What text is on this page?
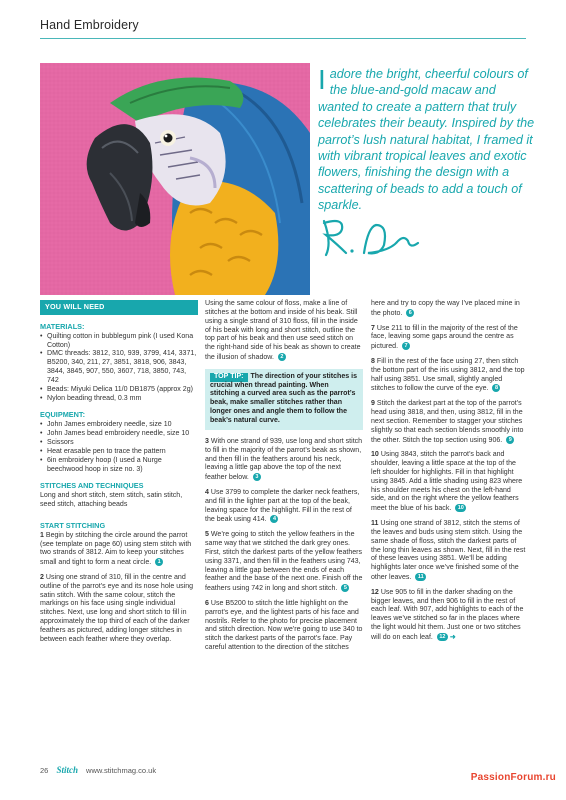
Hand Embroidery
Iadore the bright, cheerful colours of the blue-and-gold macaw and wanted to create a pattern that truly celebrates their beauty. Inspired by the parrot’s lush natural habitat, I framed it with vibrant tropical leaves and exotic flowers, finishing the design with a scattering of beads to add a touch of sparkle.
YOU WILL NEED
MATERIALS:
• Quilting cotton in bubblegum pink (I used Kona Cotton)
• DMC threads: 3812, 310, 939, 3799, 414, 3371, B5200, 340, 211, 27, 3851, 3818, 906, 3843, 3844, 3845, 907, 550, 3607, 718, 3850, 743, 742
• Beads: Miyuki Delica 11/0 DB1875 (approx 2g)
• Nylon beading thread, 0.3 mm
EQUIPMENT:
• John James embroidery needle, size 10
• John James bead embroidery needle, size 10
• Scissors
• Heat erasable pen to trace the pattern
• 6in embroidery hoop (I used a Nurge beechwood hoop in size no. 3)
STITCHES AND TECHNIQUES
Long and short stitch, stem stitch, satin stitch, seed stitch, attaching beads
START STITCHING
1 Begin by stitching the circle around the parrot (see template on page 60) using stem stitch with two strands of 3812. Aim to keep your stitches small and tight to form a neat circle. 1
2 Using one strand of 310, fill in the centre and outline of the parrot’s eye and its nose hole using satin stitch. With the same colour, stitch the markings on his face using single individual stitches. Next, use long and short stitch to fill in approximately the top third of each of the darker feathers as pictured, adding longer stitches in between each feather where they overlap.
Using the same colour of floss, make a line of stitches at the bottom and inside of his beak. Still using a single strand of 310 floss, fill in the inside of his beak with long and short stitch, outline the top part of his beak and then use seed stitch on the right-hand side of his beak as shown to create the illusion of shadow. 2
TOP TIP: The direction of your stitches is crucial when thread painting. When stitching a curved area such as the parrot’s beak, make smaller stitches rather than longer ones and angle them to follow the beak’s natural curve.
3 With one strand of 939, use long and short stitch to fill in the majority of the parrot’s beak as shown, and then fill in the feathers around his neck, leaving a little gap above the top of the next feather below. 3
4 Use 3799 to complete the darker neck feathers, and fill in the lighter part at the top of the beak, leaving space for the highlight. Fill in the rest of the beak using 414. 4
5 We’re going to stitch the yellow feathers in the same way that we stitched the dark grey ones. First, stitch the darkest parts of the yellow feathers using 3371, and then fill in the feathers using 743, leaving a little gap between the ends of each feather and the base of the next one. Finish off the feathers using 742 in long and short stitch. 5
6 Use B5200 to stitch the little highlight on the parrot’s eye, and the lightest parts of his face and nostrils. Refer to the photo for precise placement and stitch direction. Now we’re going to use 340 to stitch the darkest parts of the parrot’s face. Pay careful attention to the direction of the stitches
here and try to copy the way I’ve placed mine in the photo. 6
7 Use 211 to fill in the majority of the rest of the face, leaving some gaps around the centre as pictured. 7
8 Fill in the rest of the face using 27, then stitch the bottom part of the iris using 3812, and the top half using 3851. Use small, slightly angled stitches to follow the curve of the eye. 8
9 Stitch the darkest part at the top of the parrot’s head using 3818, and then, using 3812, fill in the next section. Remember to stagger your stitches slightly so that each section blends smoothly into the other. Stitch the top section using 906. 9
10 Using 3843, stitch the parrot’s back and shoulder, leaving a little space at the top of the left shoulder for highlights. Fill in that highlight using 3845. Add a little shading using 823 where his shoulder meets his chest on the left-hand side, and on the right where the yellow feathers meet the blue of his back. 10
11 Using one strand of 3812, stitch the stems of the leaves and buds using stem stitch. Using the same shade of floss, stitch the darkest parts of the long thin leaves as shown. Next, fill in the rest of these leaves using 3851. We’ll be adding highlights later once we’ve finished some of the other leaves. 11
12 Use 905 to fill in the darker shading on the bigger leaves, and then 906 to fill in the rest of each leaf. With 907, add highlights to each of the leaves we’ve stitched so far in the places where the light would hit them. Just one or two stitches will do on each leaf. 12 ➜
26 Stitch www.stitchmag.co.uk
PassionForum.ru
